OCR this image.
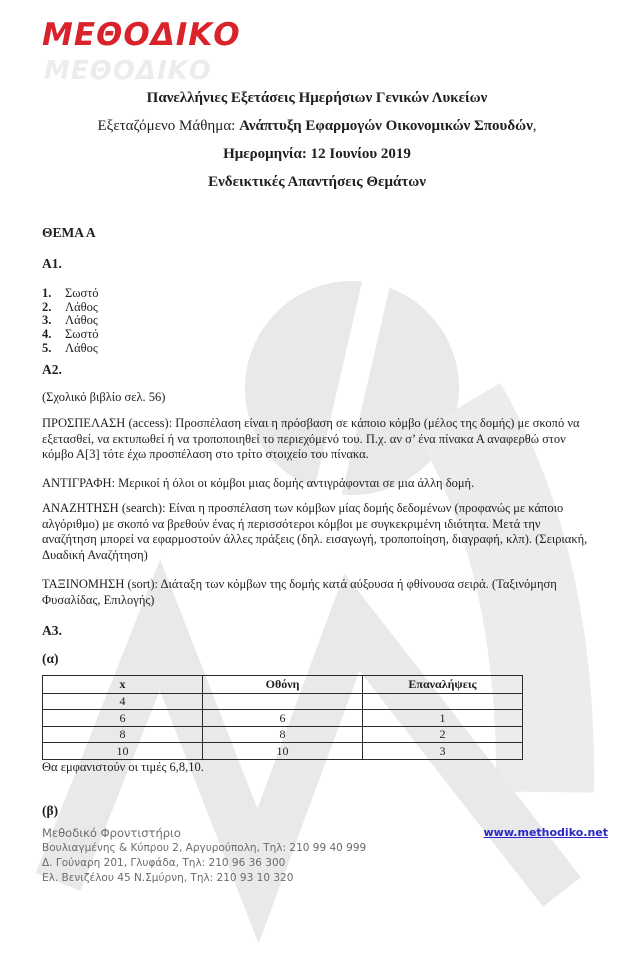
ΜΕΘΟΔΙΚΟ
ΜΕΘΟΔΙΚΟ
Πανελλήνιες Εξετάσεις Ημερήσιων Γενικών Λυκείων
Εξεταζόμενο Μάθημα: Ανάπτυξη Εφαρμογών Οικονομικών Σπουδών,
Ημερομηνία: 12 Ιουνίου 2019
Ενδεικτικές Απαντήσεις Θεμάτων
ΘΕΜΑ Α
Α1.
1. Σωστό
2. Λάθος
3. Λάθος
4. Σωστό
5. Λάθος
Α2.
(Σχολικό βιβλίο σελ. 56)
ΠΡΟΣΠΕΛΑΣΗ (access): Προσπέλαση είναι η πρόσβαση σε κάποιο κόμβο (μέλος της δομής) με σκοπό να εξετασθεί, να εκτυπωθεί ή να τροποποιηθεί το περιεχόμενό του. Π.χ. αν σ’ ένα πίνακα Α αναφερθώ στον κόμβο Α[3] τότε έχω προσπέλαση στο τρίτο στοιχείο του πίνακα.
ΑΝΤΙΓΡΑΦΗ: Μερικοί ή όλοι οι κόμβοι μιας δομής αντιγράφονται σε μια άλλη δομή.
ΑΝΑΖΗΤΗΣΗ (search): Είναι η προσπέλαση των κόμβων μίας δομής δεδομένων (προφανώς με κάποιο αλγόριθμο) με σκοπό να βρεθούν ένας ή περισσότεροι κόμβοι με συγκεκριμένη ιδιότητα. Μετά την αναζήτηση μπορεί να εφαρμοστούν άλλες πράξεις (δηλ. εισαγωγή, τροποποίηση, διαγραφή, κλπ). (Σειριακή, Δυαδική Αναζήτηση)
ΤΑΞΙΝΟΜΗΣΗ (sort): Διάταξη των κόμβων της δομής κατά αύξουσα ή φθίνουσα σειρά. (Ταξινόμηση Φυσαλίδας, Επιλογής)
Α3.
(α)
x	Οθόνη	Επαναλήψεις
4		
6	6	1
8	8	2
10	10	3
Θα εμφανιστούν οι τιμές 6,8,10.
(β)
Μεθοδικό Φροντιστήριο
Βουλιαγμένης & Κύπρου 2, Αργυρούπολη, Τηλ: 210 99 40 999
Δ. Γούναρη 201, Γλυφάδα, Τηλ: 210 96 36 300
Ελ. Βενιζέλου 45 Ν.Σμύρνη, Τηλ: 210 93 10 320
www.methodiko.net
